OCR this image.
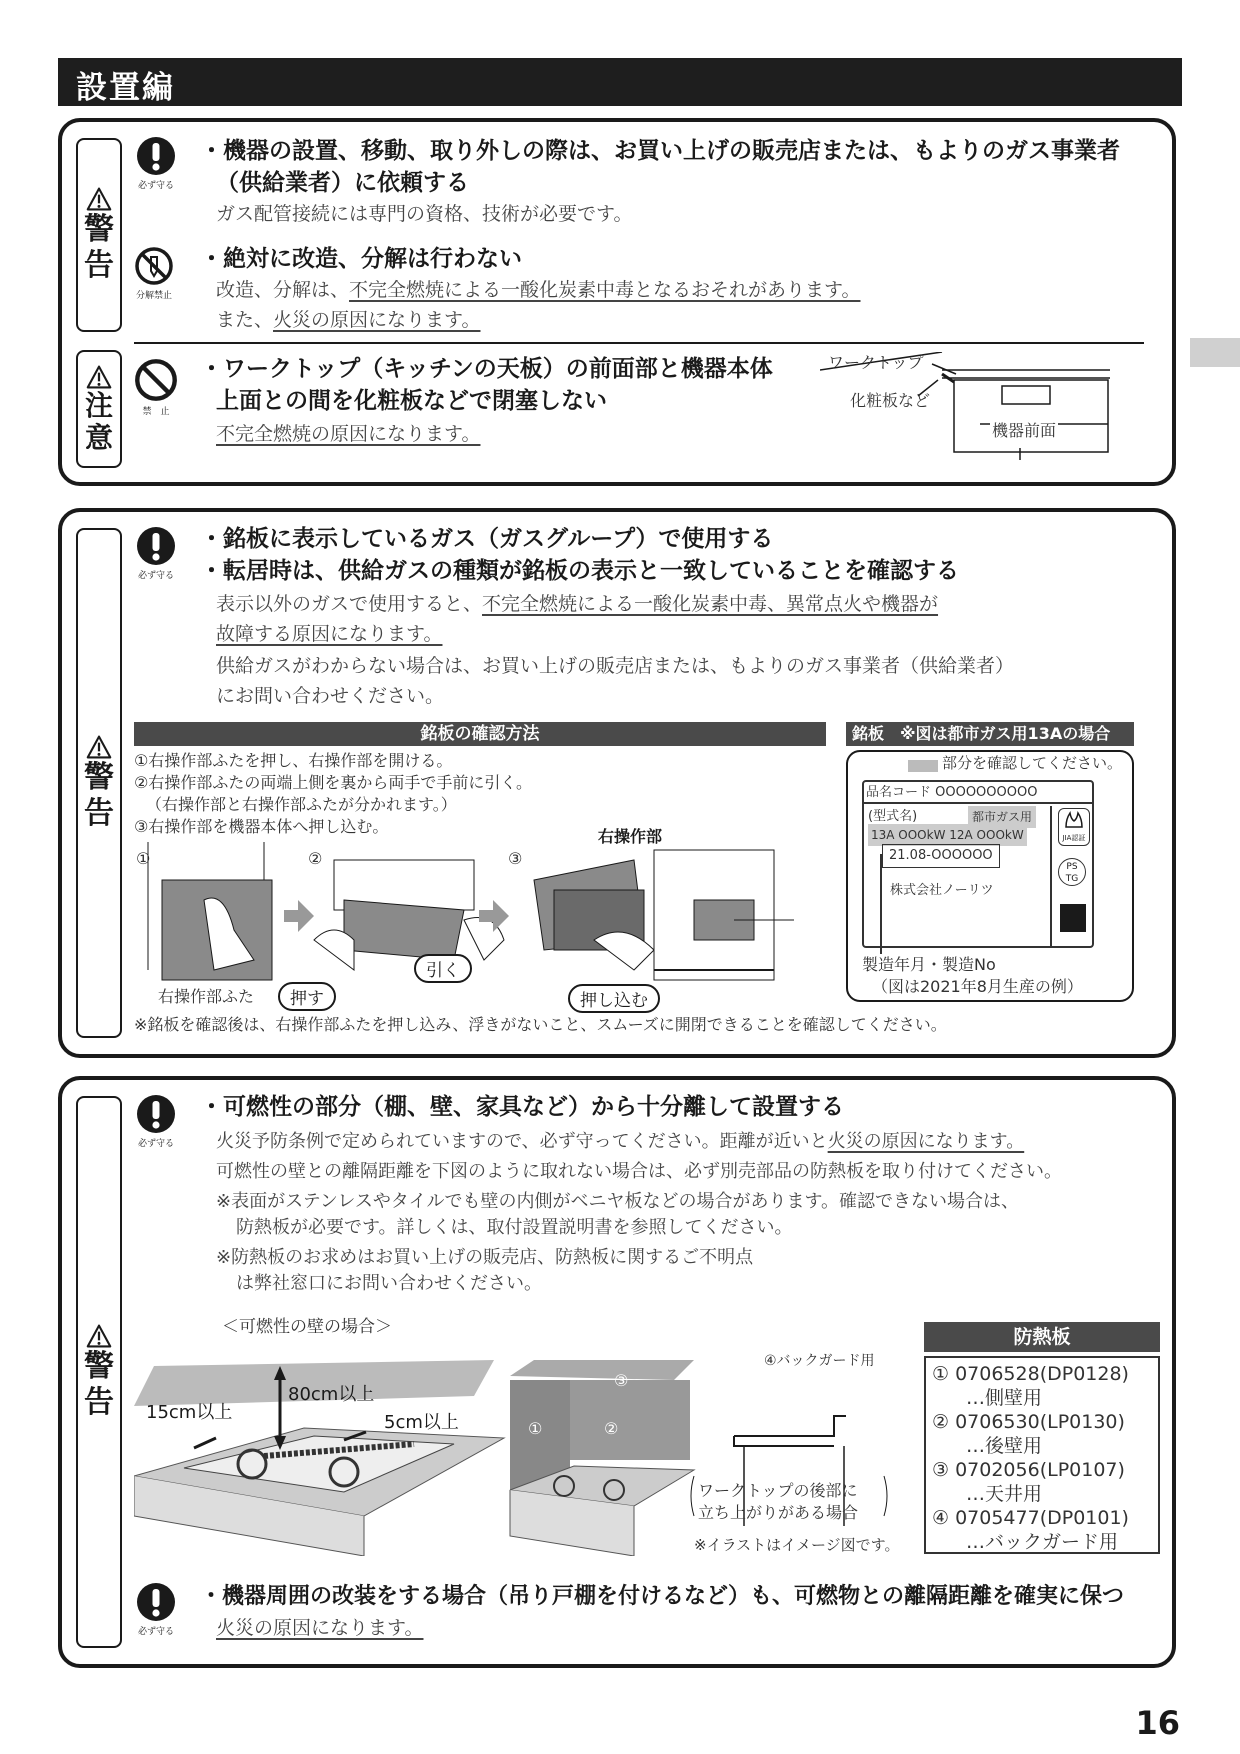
設置編
警
告
注
意
必ず守る
・機器の設置、移動、取り外しの際は、お買い上げの販売店または、もよりのガス事業者
（供給業者）に依頼する
ガス配管接続には専門の資格、技術が必要です。
分解禁止
・絶対に改造、分解は行わない
改造、分解は、不完全燃焼による一酸化炭素中毒となるおそれがあります。
また、火災の原因になります。
禁　止
・ワークトップ（キッチンの天板）の前面部と機器本体
上面との間を化粧板などで閉塞しない
不完全燃焼の原因になります。
ワークトップ
化粧板など
機器前面
警
告
必ず守る
・銘板に表示しているガス（ガスグループ）で使用する
・転居時は、供給ガスの種類が銘板の表示と一致していることを確認する
表示以外のガスで使用すると、不完全燃焼による一酸化炭素中毒、異常点火や機器が
故障する原因になります。
供給ガスがわからない場合は、お買い上げの販売店または、もよりのガス事業者（供給業者）
にお問い合わせください。
銘板の確認方法
①右操作部ふたを押し、右操作部を開ける。
②右操作部ふたの両端上側を裏から両手で手前に引く。
（右操作部と右操作部ふたが分かれます。）
③右操作部を機器本体へ押し込む。
①	②	③
右操作部
右操作部ふた	押す
引く
押し込む
銘板　※図は都市ガス用13Aの場合
部分を確認してください。
品名コード OOOOOOOOOO
(型式名)	都市ガス用
13A OOOkW 12A OOOkW
21.08-OOOOOO
株式会社ノーリツ
JIA認証
PS
TG
製造年月・製造No
（図は2021年8月生産の例）
※銘板を確認後は、右操作部ふたを押し込み、浮きがないこと、スムーズに開閉できることを確認してください。
警
告
必ず守る
・可燃性の部分（棚、壁、家具など）から十分離して設置する
火災予防条例で定められていますので、必ず守ってください。距離が近いと火災の原因になります。
可燃性の壁との離隔距離を下図のように取れない場合は、必ず別売部品の防熱板を取り付けてください。
※表面がステンレスやタイルでも壁の内側がベニヤ板などの場合があります。確認できない場合は、
防熱板が必要です。詳しくは、取付設置説明書を参照してください。
※防熱板のお求めはお買い上げの販売店、防熱板に関するご不明点
は弊社窓口にお問い合わせください。
＜可燃性の壁の場合＞
15cm以上
80cm以上
5cm以上	①	②
③
④バックガード用
ワークトップの後部に
立ち上がりがある場合
※イラストはイメージ図です。
防熱板
① 0706528(DP0128)
…側壁用
② 0706530(LP0130)
…後壁用
③ 0702056(LP0107)
…天井用
④ 0705477(DP0101)
…バックガード用
必ず守る
・機器周囲の改装をする場合（吊り戸棚を付けるなど）も、可燃物との離隔距離を確実に保つ
火災の原因になります。
16
